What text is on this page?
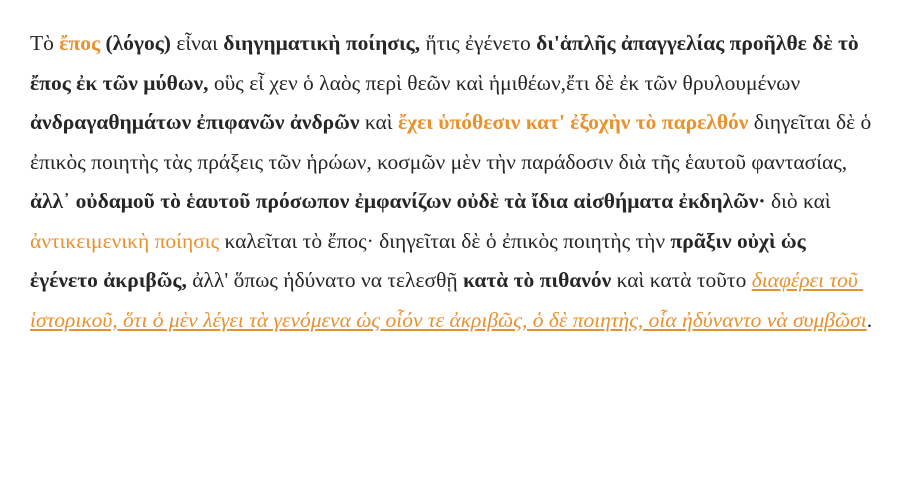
Τὸ ἔπος (λόγος) εἶναι διηγηματικὴ ποίησις, ἥτις ἐγένετο δι'ἁπλῆς ἀπαγγελίας προῆλθε δὲ τὸ ἔπος ἐκ τῶν μύθων, οὓς εἶ χεν ὁ λαὸς περὶ θεῶν καὶ ἡμιθέων,ἔτι δὲ ἐκ τῶν θρυλουμένων ἀνδραγαθημάτων ἐπιφανῶν ἀνδρῶν καὶ ἔχει ὑπόθεσιν κατ' ἐξοχὴν τὸ παρελθόν διηγεῖται δὲ ὁ ἐπικὸς ποιητὴς τὰς πράξεις τῶν ἡρώων, κοσμῶν μὲν τὴν παράδοσιν διὰ τῆς ἑαυτοῦ φαντασίας, ἀλλ᾿ οὐδαμοῦ τὸ ἑαυτοῦ πρόσωπον ἐμφανίζων οὐδὲ τὰ ἴδια αἰσθήματα ἐκδηλῶν· διὸ καὶ ἀντικειμενικὴ ποίησις καλεῖται τὸ ἔπος· διηγεῖται δὲ ὁ ἐπικὸς ποιητὴς τὴν πρᾶξιν οὐχὶ ὡς ἐγένετο ἀκριβῶς, ἀλλ' ὅπως ἡδύνατο να τελεσθῇ κατὰ τὸ πιθανόν καὶ κατὰ τοῦτο διαφέρει τοῦ ἱστορικοῦ, ὅτι ὁ μὲν λέγει τὰ γενόμενα ὡς οἷόν τε ἀκριβῶς, ὁ δὲ ποιητὴς, οἷα ἠδύναντο νὰ συμβῶσι.
